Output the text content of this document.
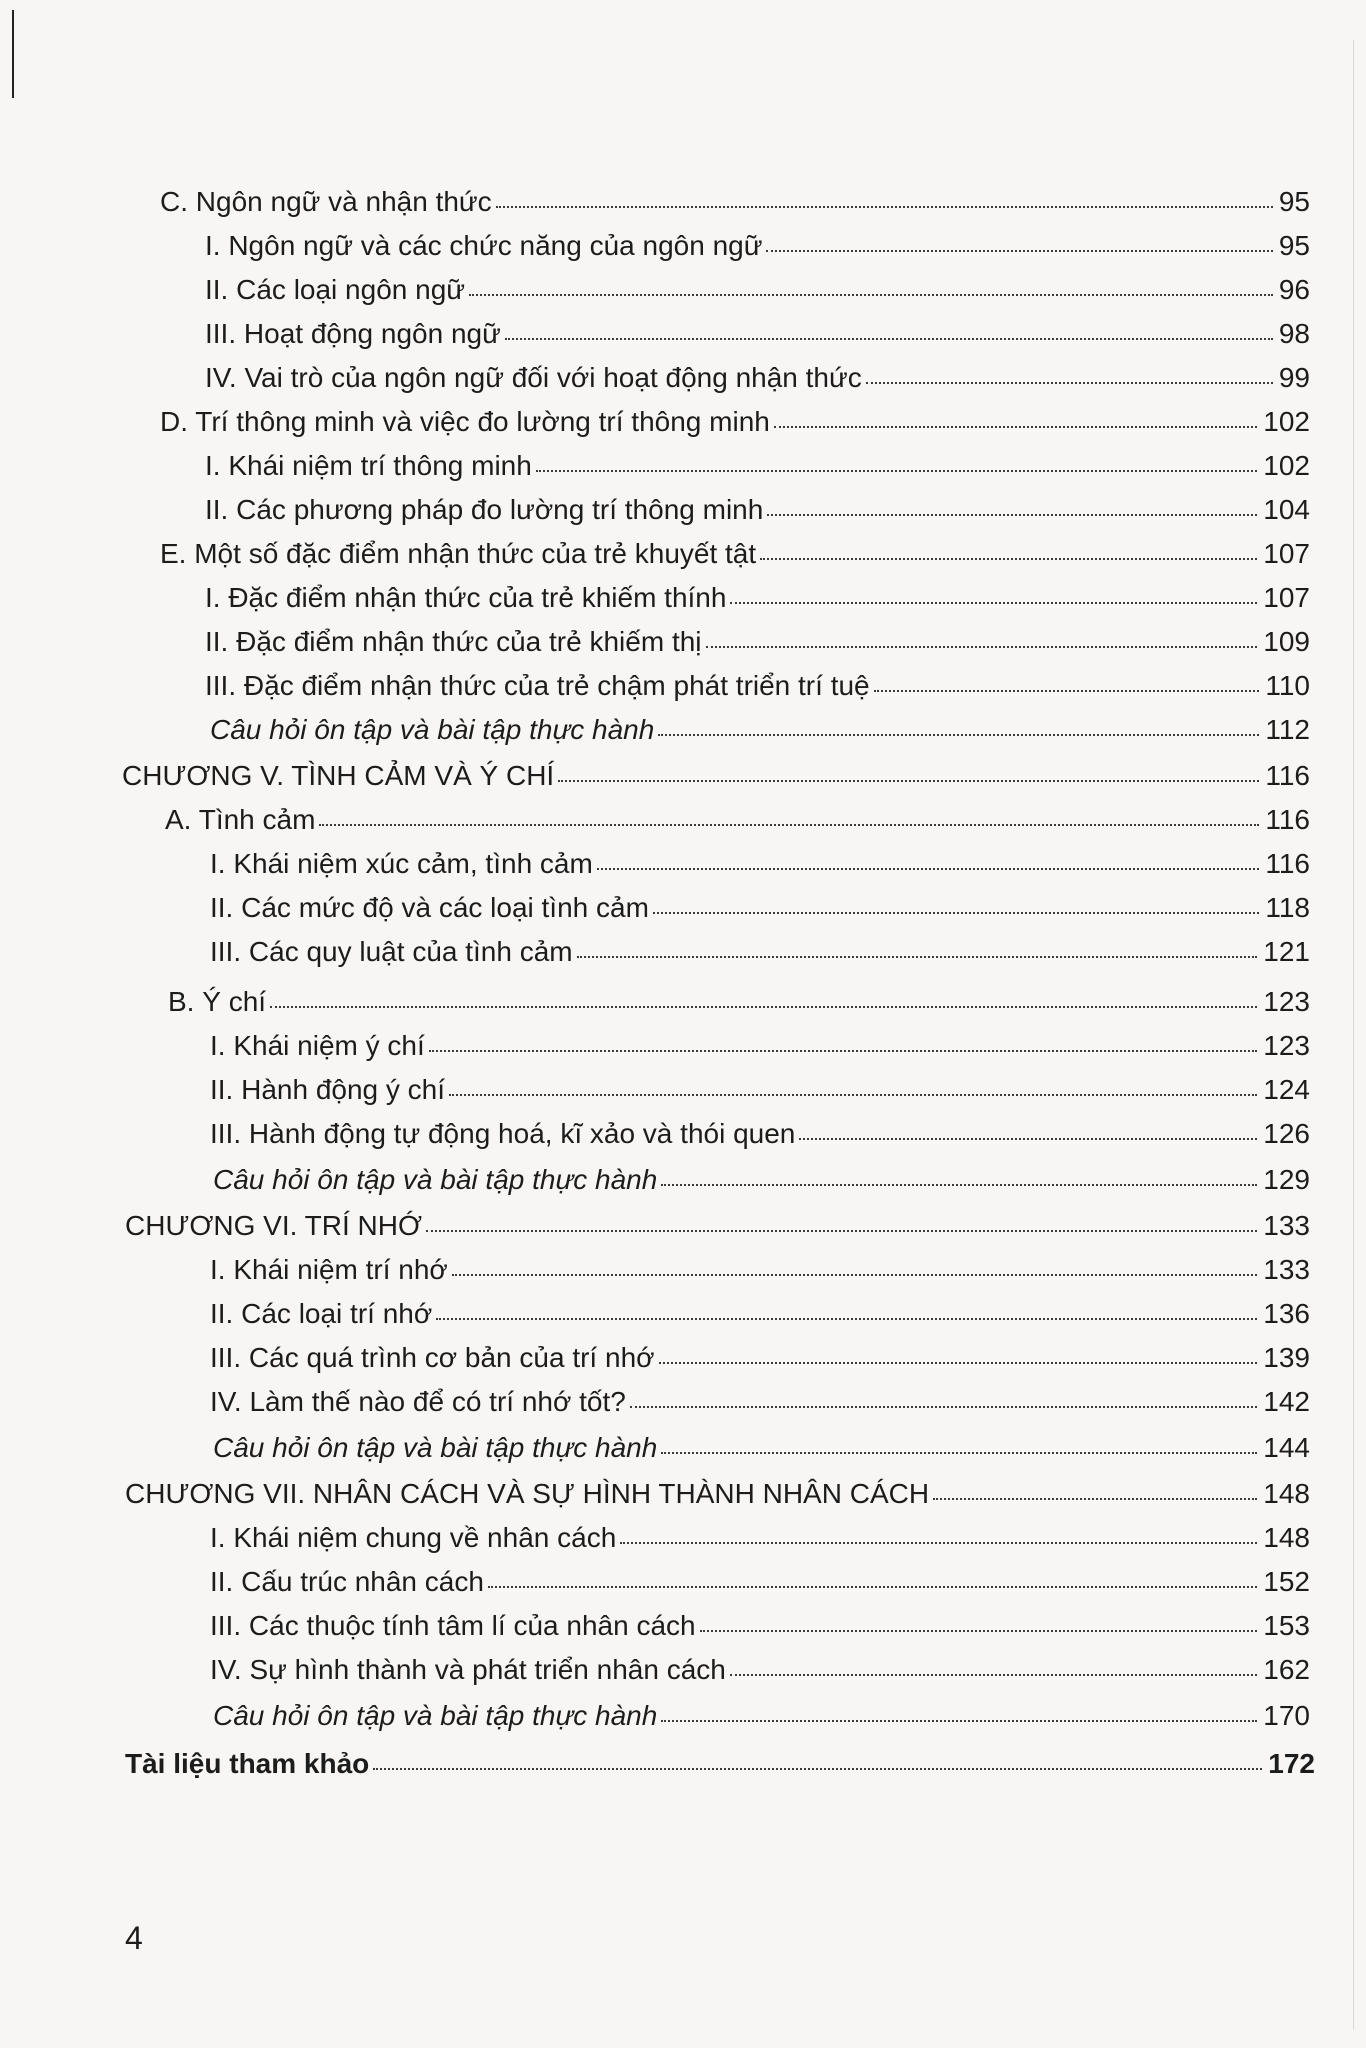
C. Ngôn ngữ và nhận thức	95
I. Ngôn ngữ và các chức năng của ngôn ngữ	95
II. Các loại ngôn ngữ	96
III. Hoạt động ngôn ngữ	98
IV. Vai trò của ngôn ngữ đối với hoạt động nhận thức	99
D. Trí thông minh và việc đo lường trí thông minh	102
I. Khái niệm trí thông minh	102
II. Các phương pháp đo lường trí thông minh	104
E. Một số đặc điểm nhận thức của trẻ khuyết tật	107
I. Đặc điểm nhận thức của trẻ khiếm thính	107
II. Đặc điểm nhận thức của trẻ khiếm thị	109
III. Đặc điểm nhận thức của trẻ chậm phát triển trí tuệ	110
Câu hỏi ôn tập và bài tập thực hành	112
CHƯƠNG V. TÌNH CẢM VÀ Ý CHÍ	116
A. Tình cảm	116
I. Khái niệm xúc cảm, tình cảm	116
II. Các mức độ và các loại tình cảm	118
III. Các quy luật của tình cảm	121
B. Ý chí	123
I. Khái niệm ý chí	123
II. Hành động ý chí	124
III. Hành động tự động hoá, kĩ xảo và thói quen	126
Câu hỏi ôn tập và bài tập thực hành	129
CHƯƠNG VI. TRÍ NHỚ	133
I. Khái niệm trí nhớ	133
II. Các loại trí nhớ	136
III. Các quá trình cơ bản của trí nhớ	139
IV. Làm thế nào để có trí nhớ tốt?	142
Câu hỏi ôn tập và bài tập thực hành	144
CHƯƠNG VII. NHÂN CÁCH VÀ SỰ HÌNH THÀNH NHÂN CÁCH	148
I. Khái niệm chung về nhân cách	148
II. Cấu trúc nhân cách	152
III. Các thuộc tính tâm lí của nhân cách	153
IV. Sự hình thành và phát triển nhân cách	162
Câu hỏi ôn tập và bài tập thực hành	170
Tài liệu tham khảo	172
4
